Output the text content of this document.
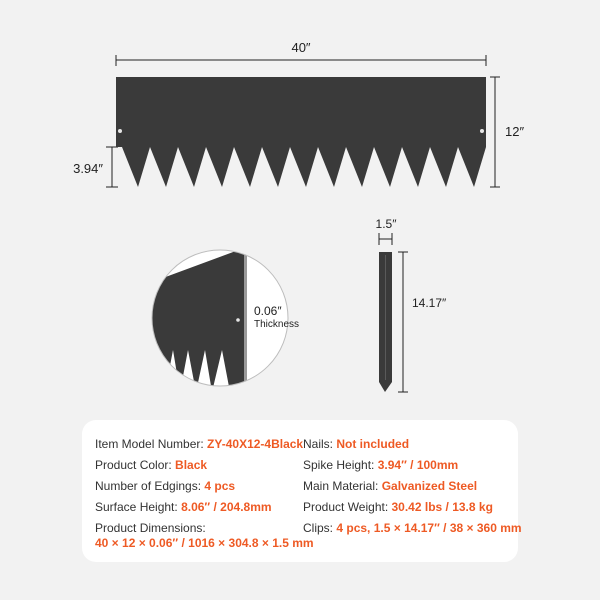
40″
12″
3.94″
0.06″
Thickness
1.5″
14.17″
Item Model Number: ZY-40X12-4Black
Product Color: Black
Number of Edgings: 4 pcs
Surface Height: 8.06″ / 204.8mm
Product Dimensions:
40 × 12 × 0.06″ / 1016 × 304.8 × 1.5 mm
Nails: Not included
Spike Height: 3.94″ / 100mm
Main Material: Galvanized Steel
Product Weight: 30.42 lbs / 13.8 kg
Clips: 4 pcs, 1.5 × 14.17″ / 38 × 360 mm
